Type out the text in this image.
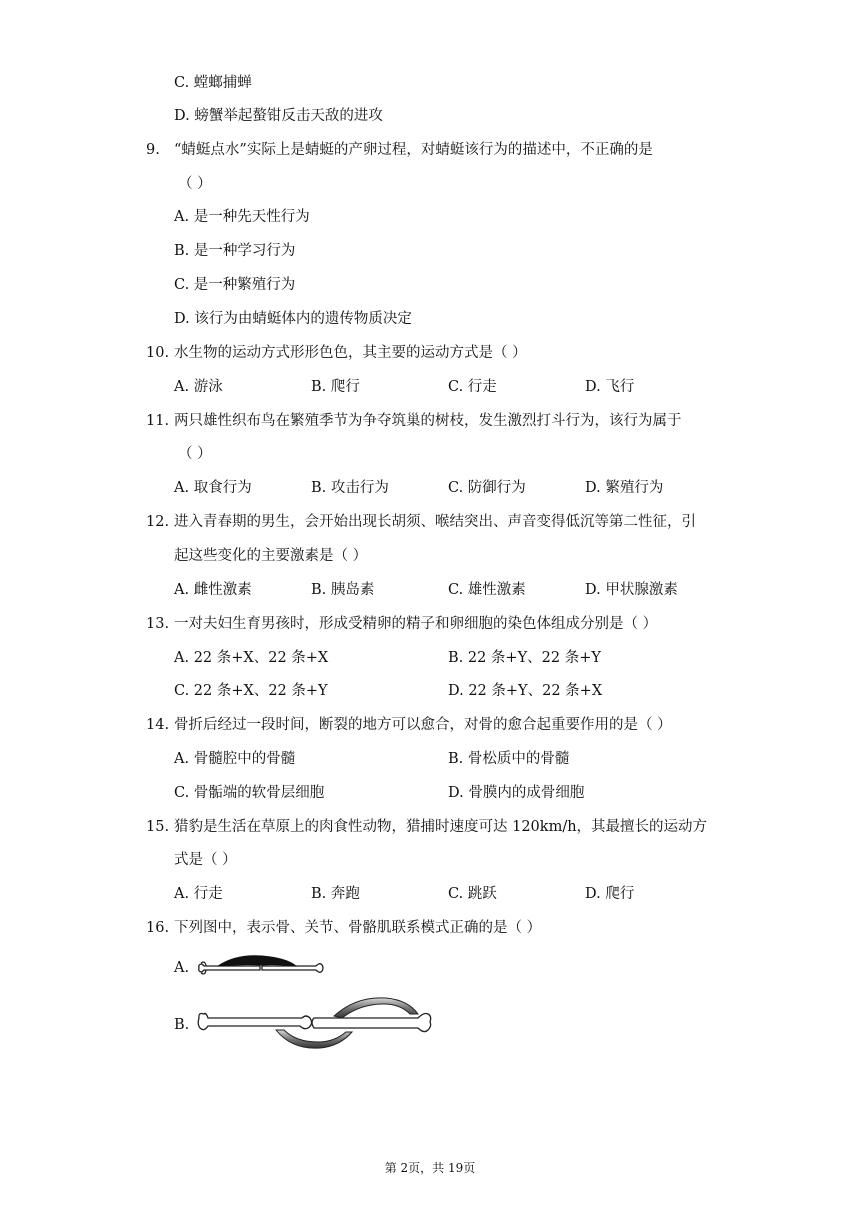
C. 螳螂捕蝉
D. 螃蟹举起螯钳反击天敌的进攻
9. “蜻蜓点水”实际上是蜻蜓的产卵过程，对蜻蜓该行为的描述中，不正确的是
（ ）
A. 是一种先天性行为
B. 是一种学习行为
C. 是一种繁殖行为
D. 该行为由蜻蜓体内的遗传物质决定
10. 水生物的运动方式形形色色，其主要的运动方式是（ ）
A. 游泳	B. 爬行	C. 行走	D. 飞行
11. 两只雄性织布鸟在繁殖季节为争夺筑巢的树枝，发生激烈打斗行为，该行为属于
（ ）
A. 取食行为	B. 攻击行为	C. 防御行为	D. 繁殖行为
12. 进入青春期的男生，会开始出现长胡须、喉结突出、声音变得低沉等第二性征，引
起这些变化的主要激素是（ ）
A. 雌性激素	B. 胰岛素	C. 雄性激素	D. 甲状腺激素
13. 一对夫妇生育男孩时，形成受精卵的精子和卵细胞的染色体组成分别是（ ）
A. 22 条+X、22 条+X	B. 22 条+Y、22 条+Y
C. 22 条+X、22 条+Y	D. 22 条+Y、22 条+X
14. 骨折后经过一段时间，断裂的地方可以愈合，对骨的愈合起重要作用的是（ ）
A. 骨髓腔中的骨髓	B. 骨松质中的骨髓
C. 骨骺端的软骨层细胞	D. 骨膜内的成骨细胞
15. 猎豹是生活在草原上的肉食性动物，猎捕时速度可达 120km/h，其最擅长的运动方
式是（ ）
A. 行走	B. 奔跑	C. 跳跃	D. 爬行
16. 下列图中，表示骨、关节、骨骼肌联系模式正确的是（ ）
A.
B.
第 2页，共 19页
